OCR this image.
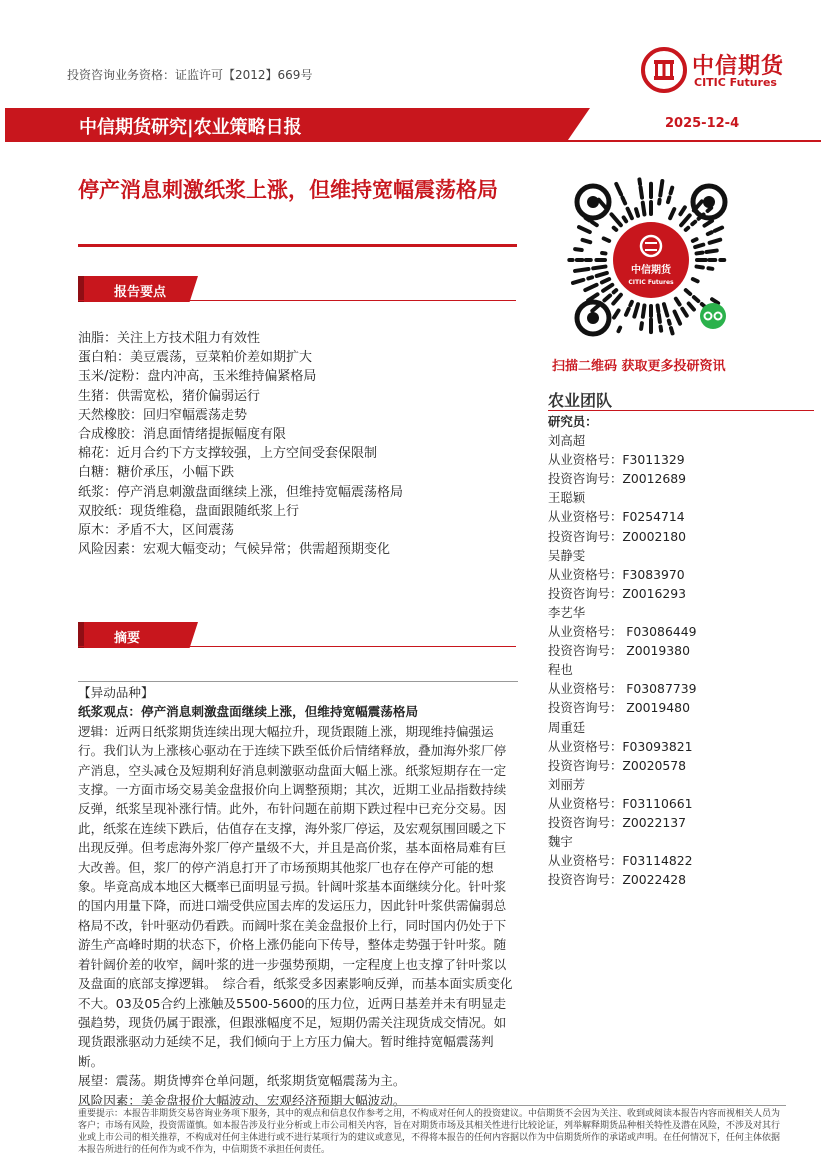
投资咨询业务资格：证监许可【2012】669号	中信期货
CITIC Futures
中信期货研究|农业策略日报	2025-12-4
停产消息刺激纸浆上涨，但维持宽幅震荡格局
报告要点
油脂：关注上方技术阻力有效性
蛋白粕：美豆震荡，豆菜粕价差如期扩大
玉米/淀粉：盘内冲高，玉米维持偏紧格局
生猪：供需宽松，猪价偏弱运行
天然橡胶：回归窄幅震荡走势
合成橡胶：消息面情绪提振幅度有限
棉花：近月合约下方支撑较强，上方空间受套保限制
白糖：糖价承压，小幅下跌
纸浆：停产消息刺激盘面继续上涨，但维持宽幅震荡格局
双胶纸：现货维稳，盘面跟随纸浆上行
原木：矛盾不大，区间震荡
风险因素：宏观大幅变动；气候异常；供需超预期变化
摘要
【异动品种】
纸浆观点：停产消息刺激盘面继续上涨，但维持宽幅震荡格局
逻辑：近两日纸浆期货连续出现大幅拉升，现货跟随上涨，期现维持偏强运行。我们认为上涨核心驱动在于连续下跌至低价后情绪释放，叠加海外浆厂停产消息，空头减仓及短期利好消息刺激驱动盘面大幅上涨。纸浆短期存在一定支撑。一方面市场交易美金盘报价向上调整预期；其次，近期工业品指数持续反弹，纸浆呈现补涨行情。此外，布针问题在前期下跌过程中已充分交易。因此，纸浆在连续下跌后，估值存在支撑，海外浆厂停运，及宏观氛围回暖之下出现反弹。但考虑海外浆厂停产量级不大，并且是高价浆，基本面格局难有巨大改善。但，浆厂的停产消息打开了市场预期其他浆厂也存在停产可能的想象。毕竟高成本地区大概率已面明显亏损。针阔叶浆基本面继续分化。针叶浆的国内用量下降，而进口端受供应国去库的发运压力，因此针叶浆供需偏弱总格局不改，针叶驱动仍看跌。而阔叶浆在美金盘报价上行，同时国内仍处于下游生产高峰时期的状态下，价格上涨仍能向下传导，整体走势强于针叶浆。随着针阔价差的收窄，阔叶浆的进一步强势预期，一定程度上也支撑了针叶浆以及盘面的底部支撑逻辑。　综合看，纸浆受多因素影响反弹，而基本面实质变化不大。03及05合约上涨触及5500-5600的压力位，近两日基差并未有明显走强趋势，现货仍属于跟涨，但跟涨幅度不足，短期仍需关注现货成交情况。如现货跟涨驱动力延续不足，我们倾向于上方压力偏大。暂时维持宽幅震荡判断。
展望：震荡。期货博弈仓单问题，纸浆期货宽幅震荡为主。
风险因素：美金盘报价大幅波动、宏观经济预期大幅波动。
中信期货
CITIC Futures
扫描二维码 获取更多投研资讯
农业团队
研究员：
刘高超
从业资格号：F3011329
投资咨询号：Z0012689
王聪颖
从业资格号：F0254714
投资咨询号：Z0002180
吴静雯
从业资格号：F3083970
投资咨询号：Z0016293
李艺华
从业资格号： F03086449
投资咨询号： Z0019380
程也
从业资格号： F03087739
投资咨询号： Z0019480
周重廷
从业资格号：F03093821
投资咨询号：Z0020578
刘丽芳
从业资格号：F03110661
投资咨询号：Z0022137
魏宇
从业资格号：F03114822
投资咨询号：Z0022428
重要提示：本报告非期货交易咨询业务项下服务，其中的观点和信息仅作参考之用，不构成对任何人的投资建议。中信期货不会因为关注、收到或阅读本报告内容而视相关人员为客户；市场有风险，投资需谨慎。如本报告涉及行业分析或上市公司相关内容，旨在对期货市场及其相关性进行比较论证，列举解释期货品种相关特性及潜在风险，不涉及对其行业或上市公司的相关推荐，不构成对任何主体进行或不进行某项行为的建议或意见，不得将本报告的任何内容据以作为中信期货所作的承诺或声明。在任何情况下，任何主体依据本报告所进行的任何作为或不作为，中信期货不承担任何责任。
